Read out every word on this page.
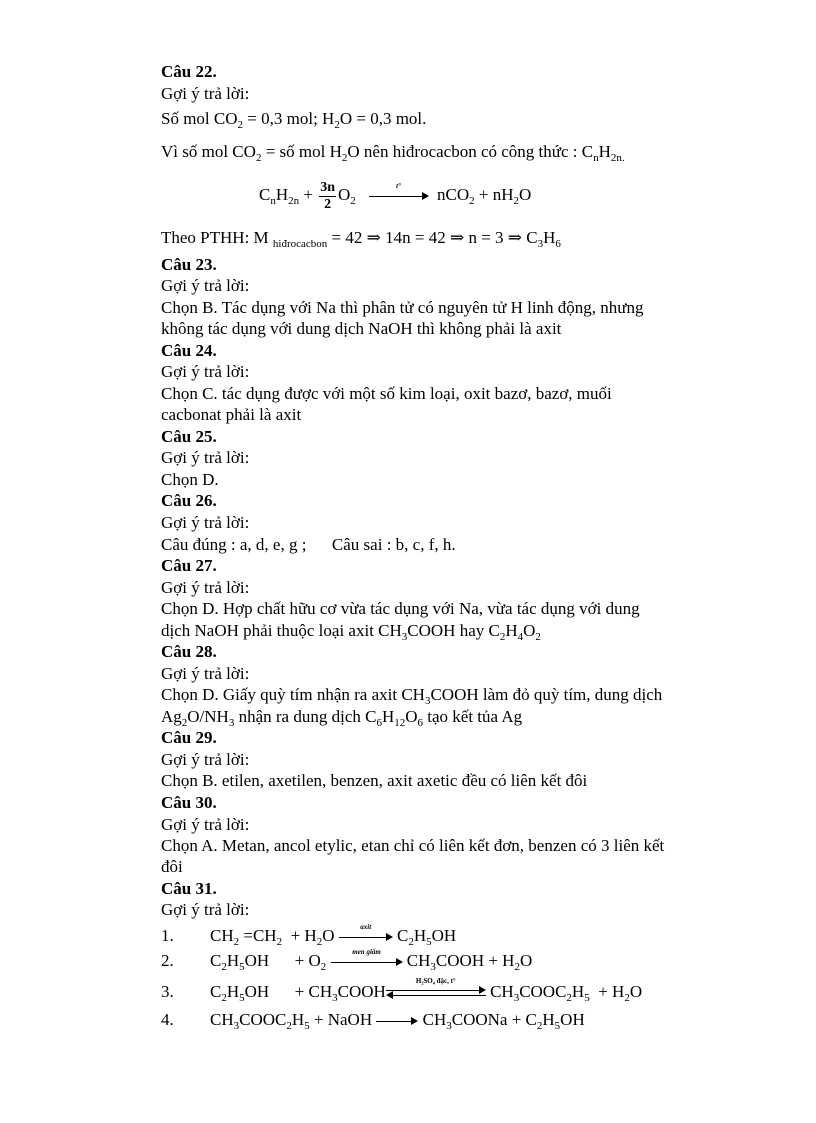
Câu 22.
Gợi ý trả lời:
Số mol $CO_2 = 0,3$ mol; $H_2O = 0,3$ mol.
Vì số mol $CO_2$ = số mol $H_2O$ nên hiđrocacbon có công thức : $C_nH_{2n.}$
$C_nH_{2n} + \frac{3n}{2} O_2$
t°	$nCO_2 + nH_2O$
Theo PTHH: M $_{hiđrocacbon}$ = 42 ⇒ 14n = 42 ⇒ n = 3 ⇒ $C_3H_6$
Câu 23.
Gợi ý trả lời:
Chọn B. Tác dụng với Na thì phân tử có nguyên tử H linh động, nhưng
không tác dụng với dung dịch NaOH thì không phải là axit
Câu 24.
Gợi ý trả lời:
Chọn C. tác dụng được với một số kim loại, oxit bazơ, bazơ, muối
cacbonat phải là axit
Câu 25.
Gợi ý trả lời:
Chọn D.
Câu 26.
Gợi ý trả lời:
Câu đúng : a, d, e, g ;      Câu sai : b, c, f, h.
Câu 27.
Gợi ý trả lời:
Chọn D. Hợp chất hữu cơ vừa tác dụng với Na, vừa tác dụng với dung
dịch NaOH phải thuộc loại axit $CH_3COOH$ hay $C_2H_4O_2$
Câu 28.
Gợi ý trả lời:
Chọn D. Giấy quỳ tím nhận ra axit $CH_3COOH$ làm đỏ quỳ tím, dung dịch
$Ag_2O/NH_3$ nhận ra dung dịch $C_6H_{12}O_6$ tạo kết tủa Ag
Câu 29.
Gợi ý trả lời:
Chọn B. etilen, axetilen, benzen, axit axetic đều có liên kết đôi
Câu 30.
Gợi ý trả lời:
Chọn A. Metan, ancol etylic, etan chỉ có liên kết đơn, benzen có 3 liên kết
đôi
Câu 31.
Gợi ý trả lời:
1. $CH_2 =CH_2 + H_2O$	axit	$C_2H_5OH$
2. $C_2H_5OH$      + $O_2$
men giấm	$CH_3COOH + H_2O$
3. $C_2H_5OH$      + $CH_3COOH$
H₂SO₄ đặc, t°
$CH_3COOC_2H_5 + H_2O$
4. $CH_3COOC_2H_5$ + NaOH	$CH_3COONa + C_2H_5OH$
